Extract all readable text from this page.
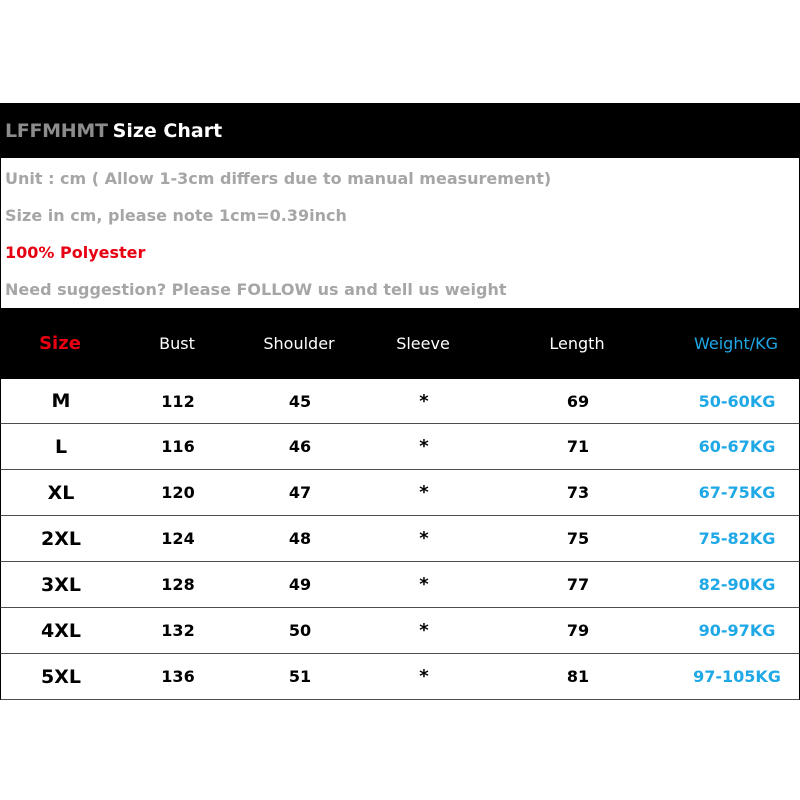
LFFMHMT Size Chart
Unit : cm ( Allow 1-3cm differs due to manual measurement)
Size in cm, please note 1cm=0.39inch
100% Polyester
Need suggestion? Please FOLLOW us and tell us weight
Size	Bust	Shoulder	Sleeve	Length	Weight/KG
M	112	45	*	69	50-60KG
L	116	46	*	71	60-67KG
XL	120	47	*	73	67-75KG
2XL	124	48	*	75	75-82KG
3XL	128	49	*	77	82-90KG
4XL	132	50	*	79	90-97KG
5XL	136	51	*	81	97-105KG
